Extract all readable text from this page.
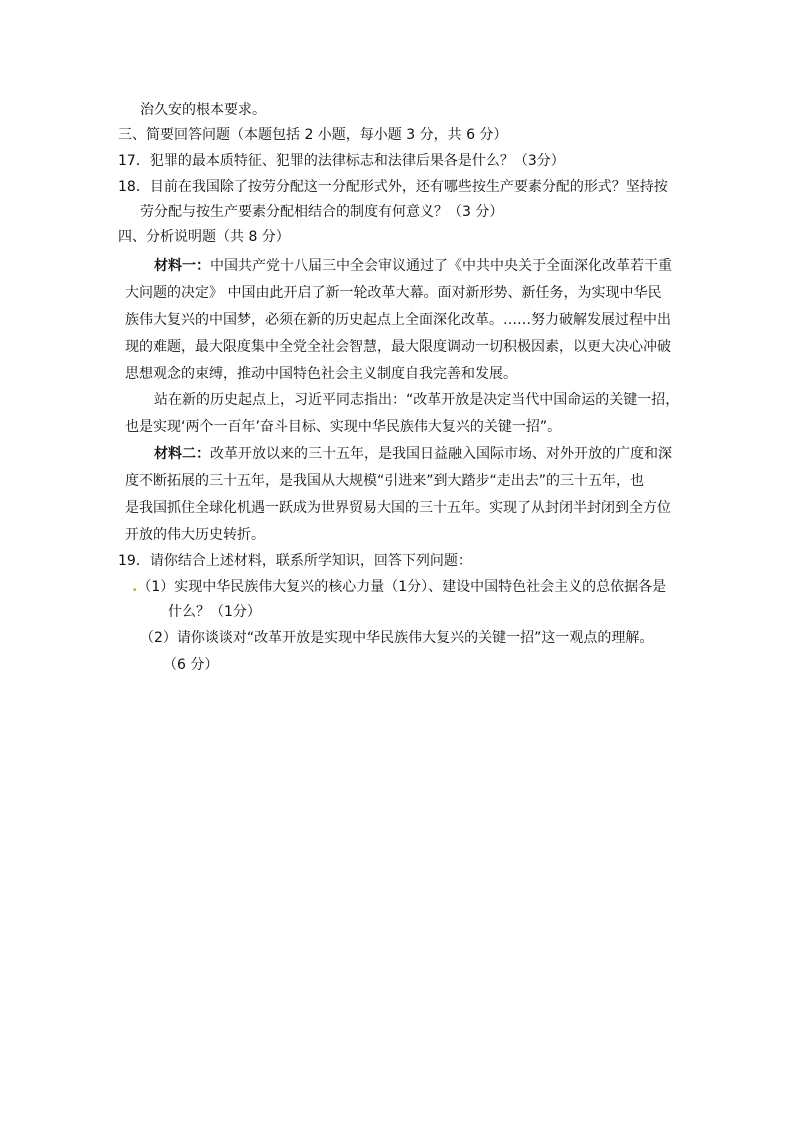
治久安的根本要求。
三、简要回答问题（本题包括 2 小题，每小题 3 分，共 6 分）
17．犯罪的最本质特征、犯罪的法律标志和法律后果各是什么？（3分）
18．目前在我国除了按劳分配这一分配形式外，还有哪些按生产要素分配的形式？坚持按
劳分配与按生产要素分配相结合的制度有何意义？（3 分）
四、分析说明题（共 8 分）
材料一：中国共产党十八届三中全会审议通过了《中共中央关于全面深化改革若干重
大问题的决定》 中国由此开启了新一轮改革大幕。面对新形势、新任务，为实现中华民
族伟大复兴的中国梦，必须在新的历史起点上全面深化改革。……努力破解发展过程中出
现的难题，最大限度集中全党全社会智慧，最大限度调动一切积极因素，以更大决心冲破
思想观念的束缚，推动中国特色社会主义制度自我完善和发展。
站在新的历史起点上，习近平同志指出：“改革开放是决定当代中国命运的关键一招，
也是实现‘两个一百年’奋斗目标、实现中华民族伟大复兴的关键一招”。
材料二：改革开放以来的三十五年，是我国日益融入国际市场、对外开放的广度和深
度不断拓展的三十五年，是我国从大规模“引进来”到大踏步“走出去”的三十五年，也
是我国抓住全球化机遇一跃成为世界贸易大国的三十五年。实现了从封闭半封闭到全方位
开放的伟大历史转折。
19．请你结合上述材料，联系所学知识，回答下列问题：
.（1）实现中华民族伟大复兴的核心力量（1分）、建设中国特色社会主义的总依据各是
什么？（1分）
（2）请你谈谈对“改革开放是实现中华民族伟大复兴的关键一招”这一观点的理解。
（6 分）
